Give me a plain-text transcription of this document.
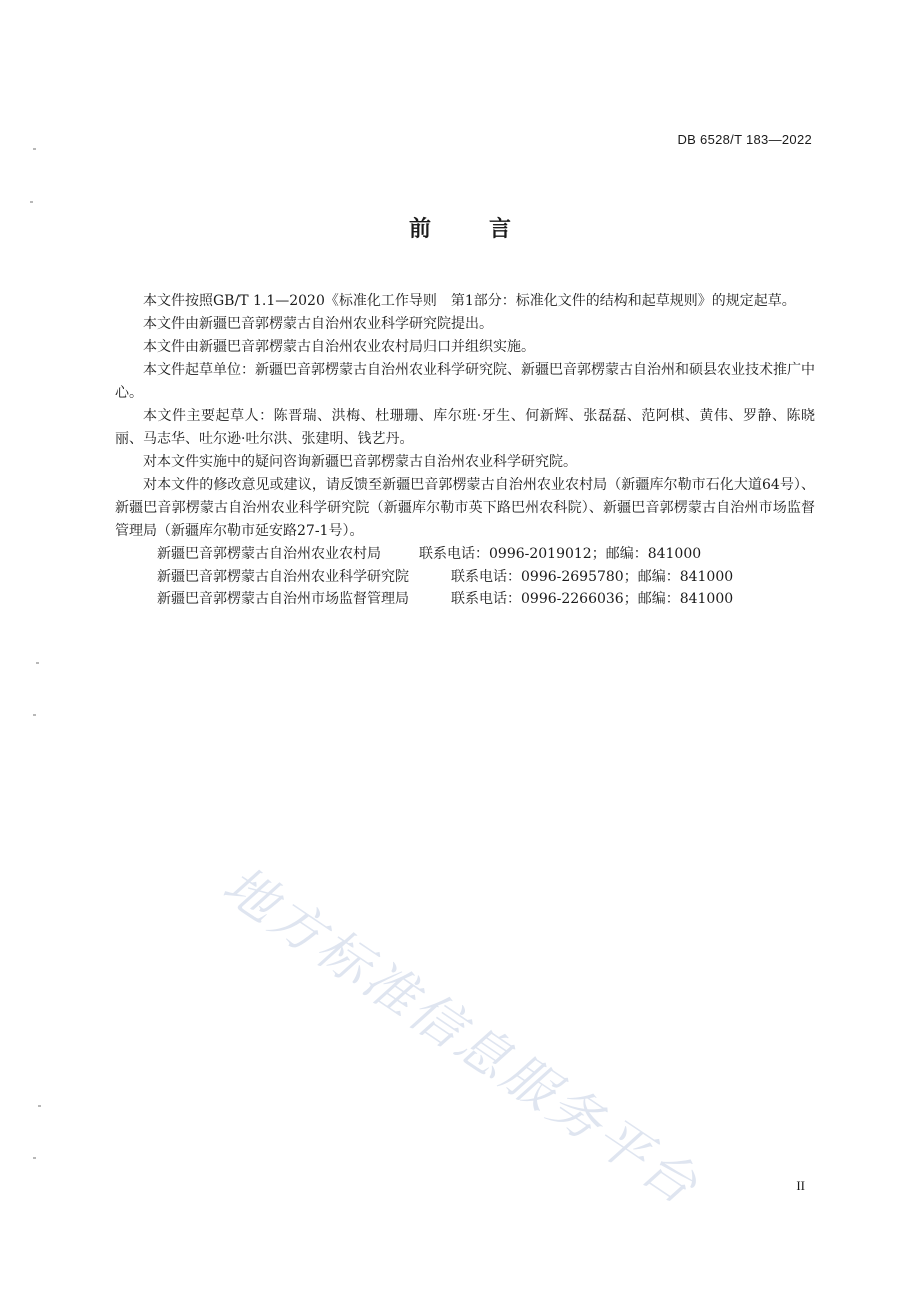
DB 6528/T 183—2022
前	言

本文件按照GB/T 1.1—2020《标准化工作导则　第1部分：标准化文件的结构和起草规则》的规定起草。

本文件由新疆巴音郭楞蒙古自治州农业科学研究院提出。

本文件由新疆巴音郭楞蒙古自治州农业农村局归口并组织实施。

本文件起草单位：新疆巴音郭楞蒙古自治州农业科学研究院、新疆巴音郭楞蒙古自治州和硕县农业技术推广中心。

本文件主要起草人：陈晋瑞、洪梅、杜珊珊、库尔班·牙生、何新辉、张磊磊、范阿棋、黄伟、罗静、陈晓丽、马志华、吐尔逊·吐尔洪、张建明、钱艺丹。

对本文件实施中的疑问咨询新疆巴音郭楞蒙古自治州农业科学研究院。

对本文件的修改意见或建议，请反馈至新疆巴音郭楞蒙古自治州农业农村局（新疆库尔勒市石化大道64号）、新疆巴音郭楞蒙古自治州农业科学研究院（新疆库尔勒市英下路巴州农科院）、新疆巴音郭楞蒙古自治州市场监督管理局（新疆库尔勒市延安路27-1号）。

新疆巴音郭楞蒙古自治州农业农村局	联系电话：0996-2019012；邮编：841000
新疆巴音郭楞蒙古自治州农业科学研究院	联系电话：0996-2695780；邮编：841000
新疆巴音郭楞蒙古自治州市场监督管理局	联系电话：0996-2266036；邮编：841000
地方标准信息服务平台	II
